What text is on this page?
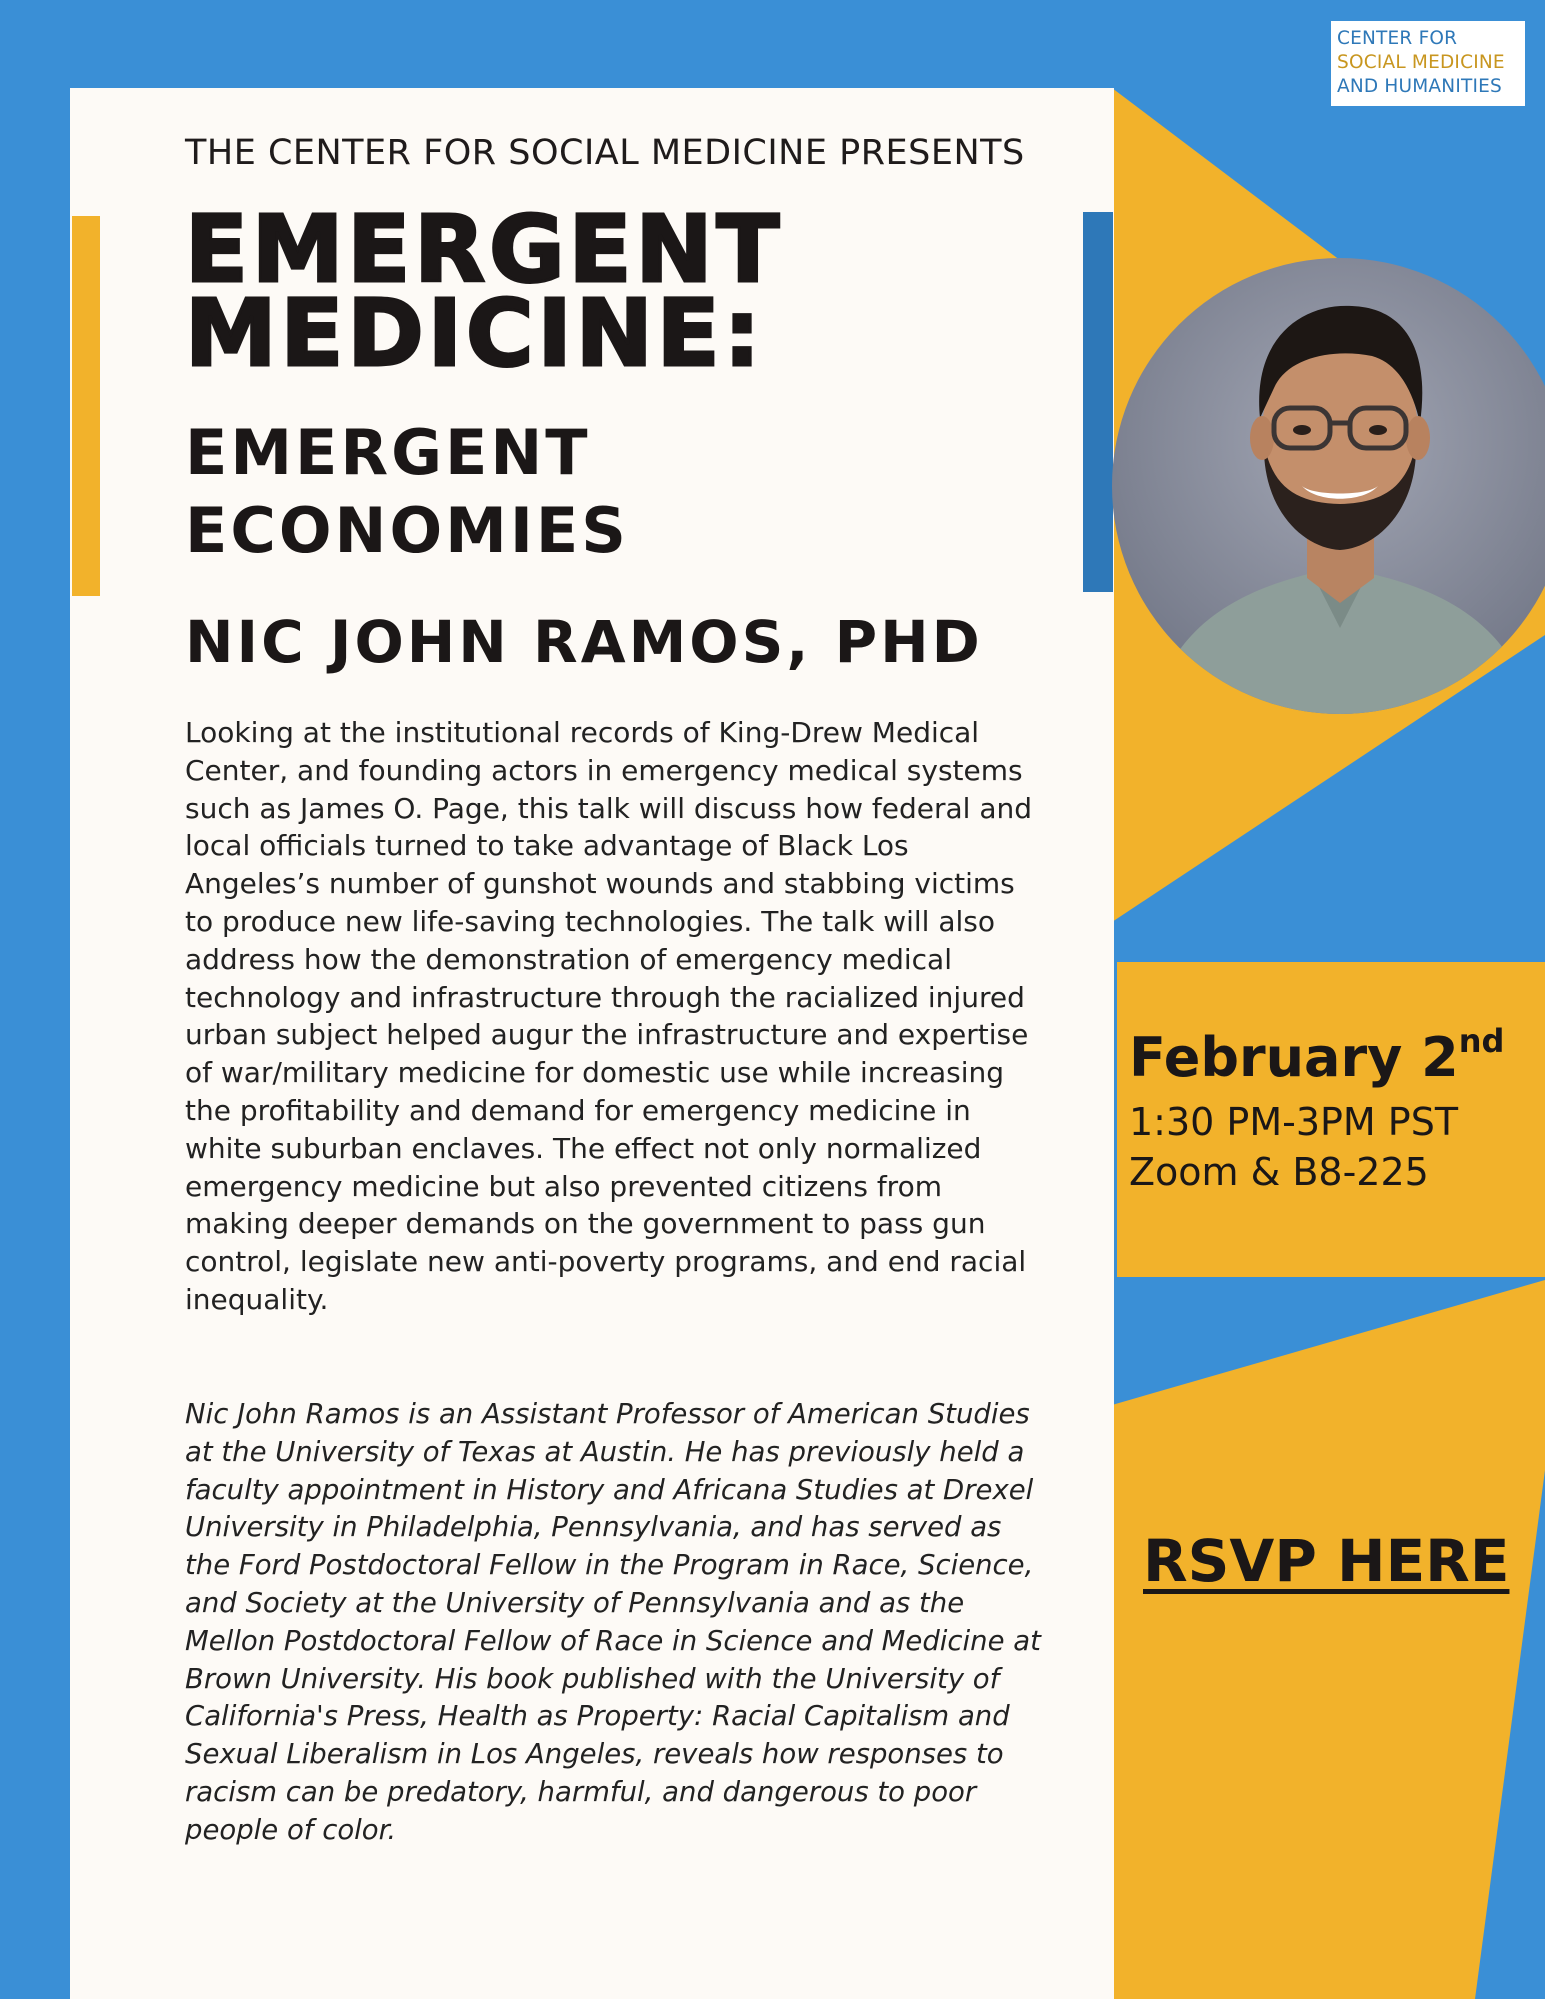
THE CENTER FOR SOCIAL MEDICINE PRESENTS
EMERGENT
MEDICINE:
EMERGENT
ECONOMIES
NIC JOHN RAMOS, PHD
Looking at the institutional records of King-Drew Medical Center, and founding actors in emergency medical systems such as James O. Page, this talk will discuss how federal and local officials turned to take advantage of Black Los Angeles’s number of gunshot wounds and stabbing victims to produce new life-saving technologies. The talk will also address how the demonstration of emergency medical technology and infrastructure through the racialized injured urban subject helped augur the infrastructure and expertise of war/military medicine for domestic use while increasing the profitability and demand for emergency medicine in white suburban enclaves. The effect not only normalized emergency medicine but also prevented citizens from making deeper demands on the government to pass gun control, legislate new anti-poverty programs, and end racial inequality.
Nic John Ramos is an Assistant Professor of American Studies at the University of Texas at Austin. He has previously held a faculty appointment in History and Africana Studies at Drexel University in Philadelphia, Pennsylvania, and has served as the Ford Postdoctoral Fellow in the Program in Race, Science, and Society at the University of Pennsylvania and as the Mellon Postdoctoral Fellow of Race in Science and Medicine at Brown University. His book published with the University of California's Press, Health as Property: Racial Capitalism and Sexual Liberalism in Los Angeles, reveals how responses to racism can be predatory, harmful, and dangerous to poor people of color.
CENTER FOR
SOCIAL MEDICINE
AND HUMANITIES
February 2nd
1:30 PM-3PM PST
Zoom & B8-225
RSVP HERE
